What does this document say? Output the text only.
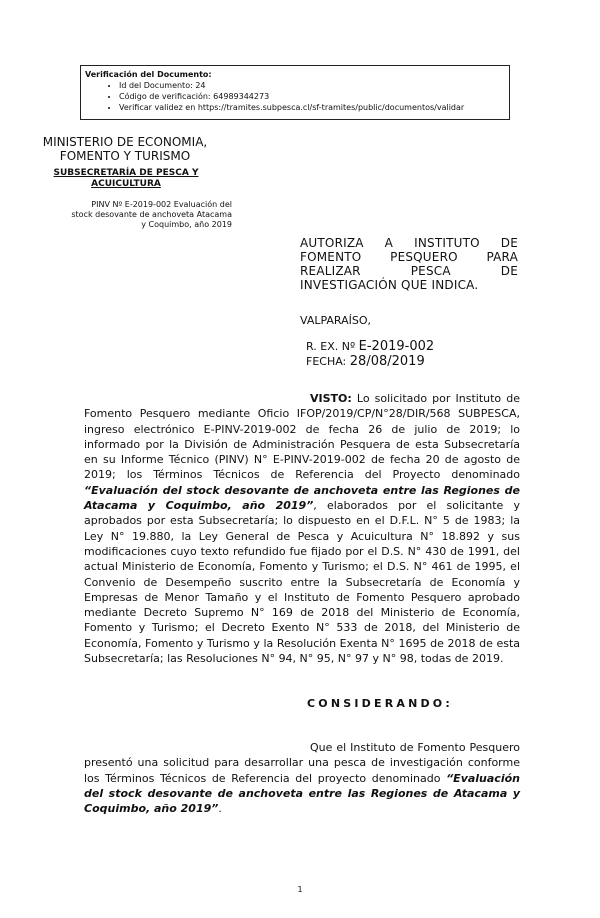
Verificación del Documento:
• Id del Documento: 24
• Código de verificación: 64989344273
• Verificar validez en https://tramites.subpesca.cl/sf-tramites/public/documentos/validar
MINISTERIO DE ECONOMIA,
FOMENTO Y TURISMO
SUBSECRETARÍA DE PESCA Y
ACUICULTURA
PINV Nº E-2019-002 Evaluación del
stock desovante de anchoveta Atacama
y Coquimbo, año 2019
AUTORIZA A INSTITUTO DE FOMENTO PESQUERO PARA REALIZAR PESCA DE INVESTIGACIÓN QUE INDICA.
VALPARAÍSO,
R. EX. Nº E-2019-002
FECHA: 28/08/2019
VISTO: Lo solicitado por Instituto de Fomento Pesquero mediante Oficio IFOP/2019/CP/N°28/DIR/568 SUBPESCA, ingreso electrónico E-PINV-2019-002 de fecha 26 de julio de 2019; lo informado por la División de Administración Pesquera de esta Subsecretaría en su Informe Técnico (PINV) N° E-PINV-2019-002 de fecha 20 de agosto de 2019; los Términos Técnicos de Referencia del Proyecto denominado “Evaluación del stock desovante de anchoveta entre las Regiones de Atacama y Coquimbo, año 2019”, elaborados por el solicitante y aprobados por esta Subsecretaría; lo dispuesto en el D.F.L. N° 5 de 1983; la Ley N° 19.880, la Ley General de Pesca y Acuicultura N° 18.892 y sus modificaciones cuyo texto refundido fue fijado por el D.S. N° 430 de 1991, del actual Ministerio de Economía, Fomento y Turismo; el D.S. N° 461 de 1995, el Convenio de Desempeño suscrito entre la Subsecretaría de Economía y Empresas de Menor Tamaño y el Instituto de Fomento Pesquero aprobado mediante Decreto Supremo N° 169 de 2018 del Ministerio de Economía, Fomento y Turismo; el Decreto Exento N° 533 de 2018, del Ministerio de Economía, Fomento y Turismo y la Resolución Exenta N° 1695 de 2018 de esta Subsecretaría; las Resoluciones N° 94, N° 95, N° 97 y N° 98, todas de 2019.
CONSIDERANDO:
Que el Instituto de Fomento Pesquero presentó una solicitud para desarrollar una pesca de investigación conforme los Términos Técnicos de Referencia del proyecto denominado “Evaluación del stock desovante de anchoveta entre las Regiones de Atacama y Coquimbo, año 2019”.
1
